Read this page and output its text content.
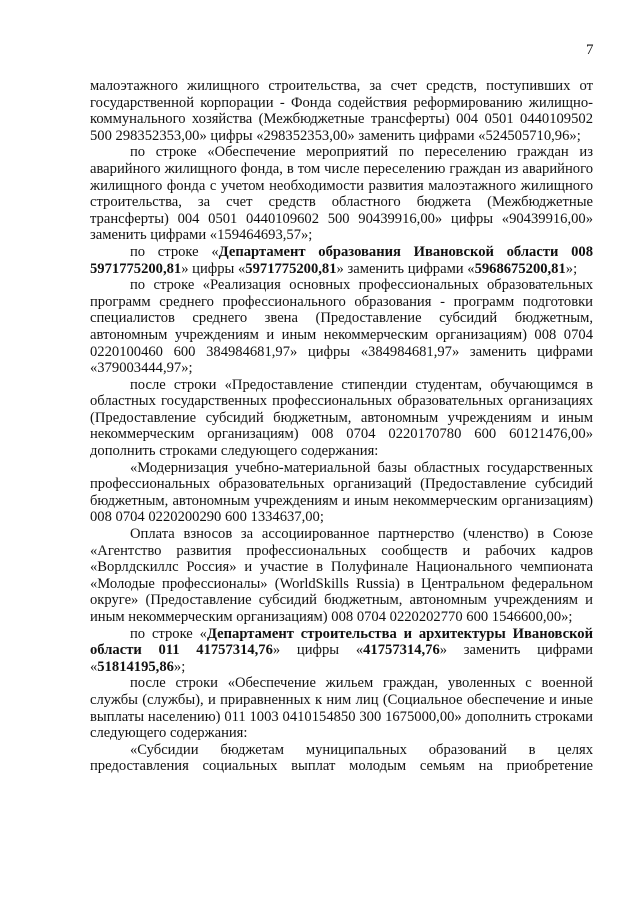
7

малоэтажного жилищного строительства, за счет средств, поступивших от государственной корпорации - Фонда содействия реформированию жилищно-коммунального хозяйства (Межбюджетные трансферты) 004 0501 0440109502 500 298352353,00» цифры «298352353,00» заменить цифрами «524505710,96»;

по строке «Обеспечение мероприятий по переселению граждан из аварийного жилищного фонда, в том числе переселению граждан из аварийного жилищного фонда с учетом необходимости развития малоэтажного жилищного строительства, за счет средств областного бюджета (Межбюджетные трансферты) 004 0501 0440109602 500 90439916,00» цифры «90439916,00» заменить цифрами «159464693,57»;

по строке «Департамент образования Ивановской области 008 5971775200,81» цифры «5971775200,81» заменить цифрами «5968675200,81»;

по строке «Реализация основных профессиональных образовательных программ среднего профессионального образования - программ подготовки специалистов среднего звена (Предоставление субсидий бюджетным, автономным учреждениям и иным некоммерческим организациям) 008 0704 0220100460 600 384984681,97» цифры «384984681,97» заменить цифрами «379003444,97»;

после строки «Предоставление стипендии студентам, обучающимся в областных государственных профессиональных образовательных организациях (Предоставление субсидий бюджетным, автономным учреждениям и иным некоммерческим организациям) 008 0704 0220170780 600 60121476,00» дополнить строками следующего содержания:

«Модернизация учебно-материальной базы областных государственных профессиональных образовательных организаций (Предоставление субсидий бюджетным, автономным учреждениям и иным некоммерческим организациям) 008 0704 0220200290 600 1334637,00;

Оплата взносов за ассоциированное партнерство (членство) в Союзе «Агентство развития профессиональных сообществ и рабочих кадров «Ворлдскиллс Россия» и участие в Полуфинале Национального чемпионата «Молодые профессионалы» (WorldSkills Russia) в Центральном федеральном округе» (Предоставление субсидий бюджетным, автономным учреждениям и иным некоммерческим организациям) 008 0704 0220202770 600 1546600,00»;

по строке «Департамент строительства и архитектуры Ивановской области 011 41757314,76» цифры «41757314,76» заменить цифрами «51814195,86»;

после строки «Обеспечение жильем граждан, уволенных с военной службы (службы), и приравненных к ним лиц (Социальное обеспечение и иные выплаты населению) 011 1003 0410154850 300 1675000,00» дополнить строками следующего содержания:

«Субсидии бюджетам муниципальных образований в целях предоставления социальных выплат молодым семьям на приобретение
